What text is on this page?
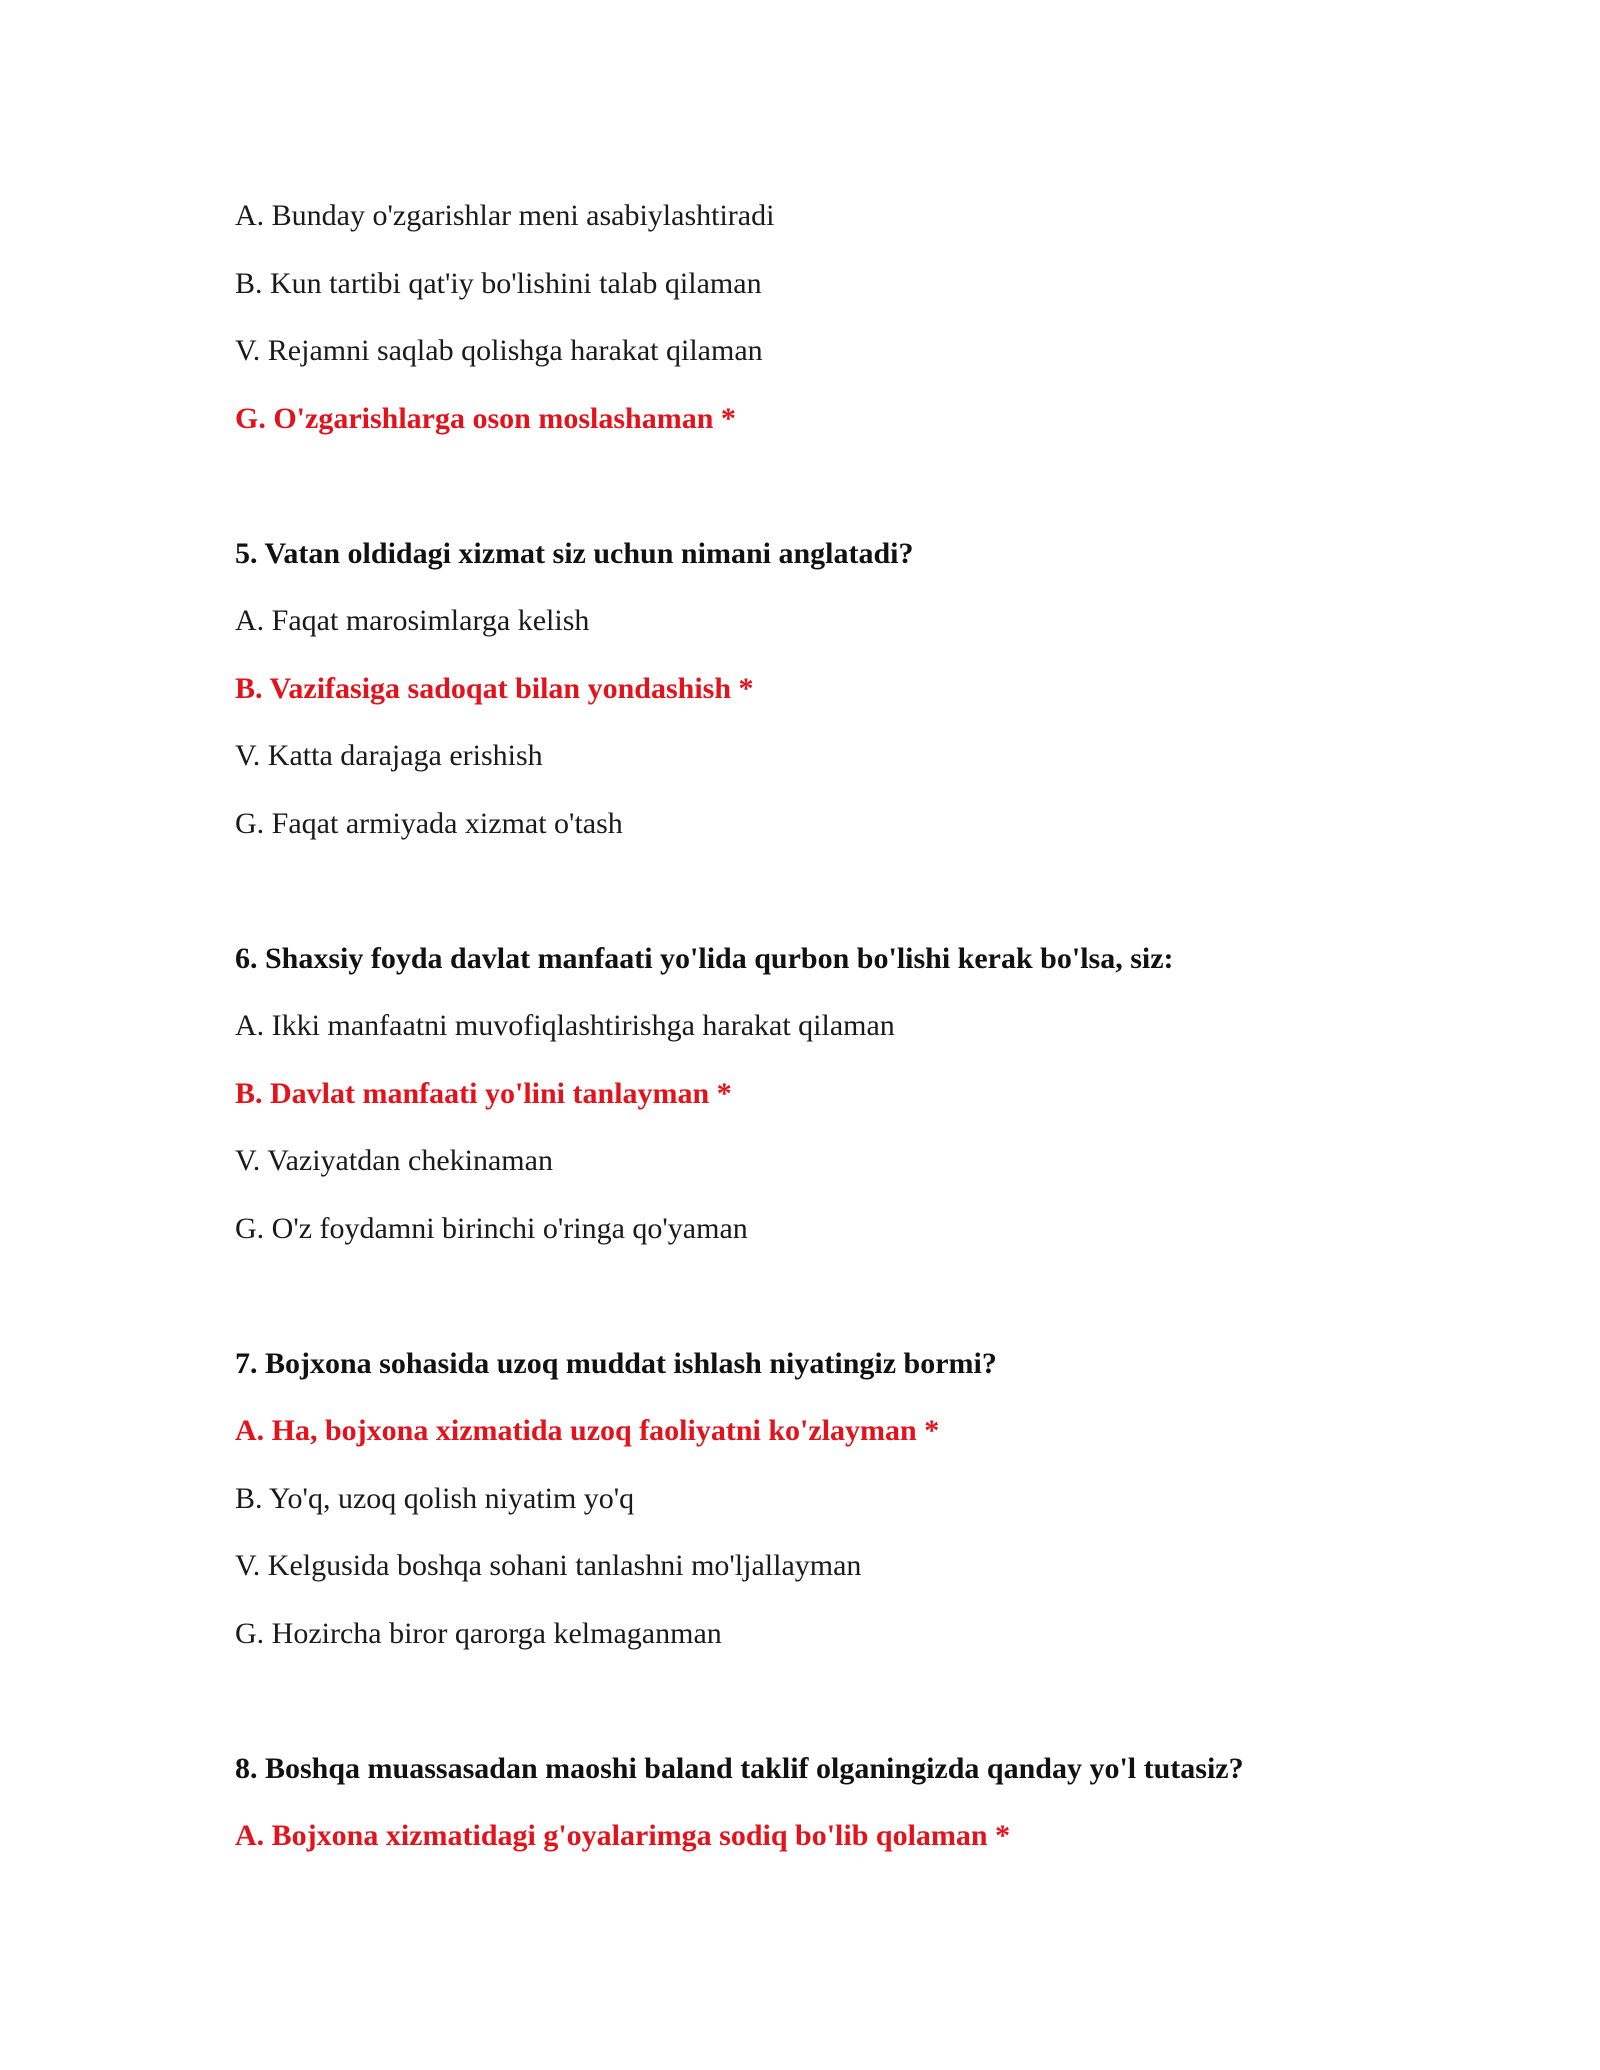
A. Bunday o'zgarishlar meni asabiylashtiradi
B. Kun tartibi qat'iy bo'lishini talab qilaman
V. Rejamni saqlab qolishga harakat qilaman
G. O'zgarishlarga oson moslashaman *
5. Vatan oldidagi xizmat siz uchun nimani anglatadi?
A. Faqat marosimlarga kelish
B. Vazifasiga sadoqat bilan yondashish *
V. Katta darajaga erishish
G. Faqat armiyada xizmat o'tash
6. Shaxsiy foyda davlat manfaati yo'lida qurbon bo'lishi kerak bo'lsa, siz:
A. Ikki manfaatni muvofiqlashtirishga harakat qilaman
B. Davlat manfaati yo'lini tanlayman *
V. Vaziyatdan chekinaman
G. O'z foydamni birinchi o'ringa qo'yaman
7. Bojxona sohasida uzoq muddat ishlash niyatingiz bormi?
A. Ha, bojxona xizmatida uzoq faoliyatni ko'zlayman *
B. Yo'q, uzoq qolish niyatim yo'q
V. Kelgusida boshqa sohani tanlashni mo'ljallayman
G. Hozircha biror qarorga kelmaganman
8. Boshqa muassasadan maoshi baland taklif olganingizda qanday yo'l tutasiz?
A. Bojxona xizmatidagi g'oyalarimga sodiq bo'lib qolaman *
